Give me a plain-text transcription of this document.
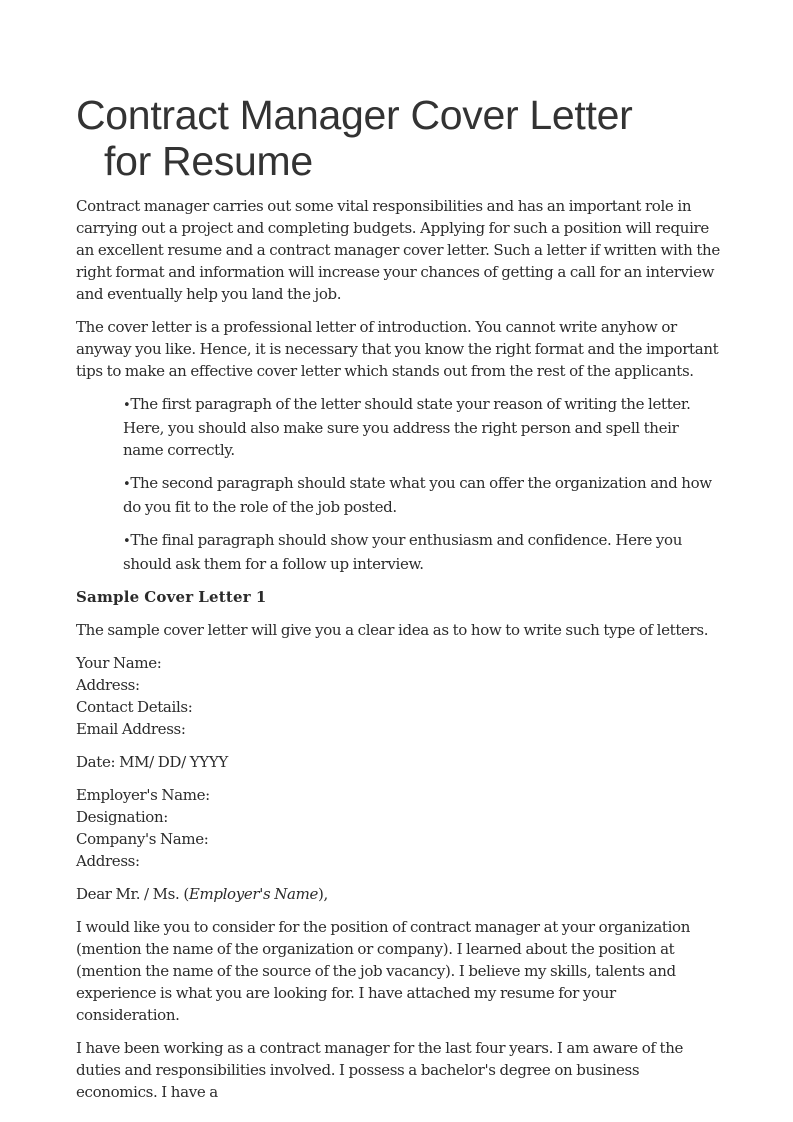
Contract Manager Cover Letter
for Resume

Contract manager carries out some vital responsibilities and has an important role in carrying out a project and completing budgets. Applying for such a position will require an excellent resume and a contract manager cover letter. Such a letter if written with the right format and information will increase your chances of getting a call for an interview and eventually help you land the job.

The cover letter is a professional letter of introduction. You cannot write anyhow or anyway you like. Hence, it is necessary that you know the right format and the important tips to make an effective cover letter which stands out from the rest of the applicants.

•The first paragraph of the letter should state your reason of writing the letter. Here, you should also make sure you address the right person and spell their name correctly.
•The second paragraph should state what you can offer the organization and how do you fit to the role of the job posted.
•The final paragraph should show your enthusiasm and confidence. Here you should ask them for a follow up interview.
Sample Cover Letter 1

The sample cover letter will give you a clear idea as to how to write such type of letters.

Your Name:
Address:
Contact Details:
Email Address:

Date: MM/ DD/ YYYY

Employer's Name:
Designation:
Company's Name:
Address:

Dear Mr. / Ms. (Employer's Name),

I would like you to consider for the position of contract manager at your organization (mention the name of the organization or company). I learned about the position at (mention the name of the source of the job vacancy). I believe my skills, talents and experience is what you are looking for. I have attached my resume for your consideration.

I have been working as a contract manager for the last four years. I am aware of the duties and responsibilities involved. I possess a bachelor's degree on business economics. I have a
